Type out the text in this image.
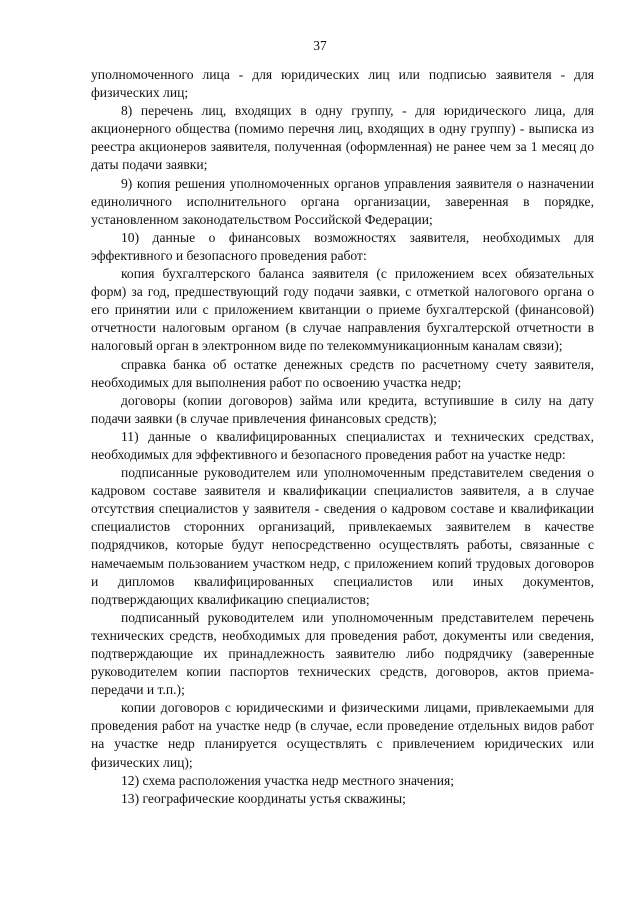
37

уполномоченного лица - для юридических лиц или подписью заявителя - для физических лиц;

8) перечень лиц, входящих в одну группу, - для юридического лица, для акционерного общества (помимо перечня лиц, входящих в одну группу) - выписка из реестра акционеров заявителя, полученная (оформленная) не ранее чем за 1 месяц до даты подачи заявки;

9) копия решения уполномоченных органов управления заявителя о назначении единоличного исполнительного органа организации, заверенная в порядке, установленном законодательством Российской Федерации;

10) данные о финансовых возможностях заявителя, необходимых для эффективного и безопасного проведения работ:

копия бухгалтерского баланса заявителя (с приложением всех обязательных форм) за год, предшествующий году подачи заявки, с отметкой налогового органа о его принятии или с приложением квитанции о приеме бухгалтерской (финансовой) отчетности налоговым органом (в случае направления бухгалтерской отчетности в налоговый орган в электронном виде по телекоммуникационным каналам связи);

справка банка об остатке денежных средств по расчетному счету заявителя, необходимых для выполнения работ по освоению участка недр;

договоры (копии договоров) займа или кредита, вступившие в силу на дату подачи заявки (в случае привлечения финансовых средств);

11) данные о квалифицированных специалистах и технических средствах, необходимых для эффективного и безопасного проведения работ на участке недр:

подписанные руководителем или уполномоченным представителем сведения о кадровом составе заявителя и квалификации специалистов заявителя, а в случае отсутствия специалистов у заявителя - сведения о кадровом составе и квалификации специалистов сторонних организаций, привлекаемых заявителем в качестве подрядчиков, которые будут непосредственно осуществлять работы, связанные с намечаемым пользованием участком недр, с приложением копий трудовых договоров и дипломов квалифицированных специалистов или иных документов, подтверждающих квалификацию специалистов;

подписанный руководителем или уполномоченным представителем перечень технических средств, необходимых для проведения работ, документы или сведения, подтверждающие их принадлежность заявителю либо подрядчику (заверенные руководителем копии паспортов технических средств, договоров, актов приема-передачи и т.п.);

копии договоров с юридическими и физическими лицами, привлекаемыми для проведения работ на участке недр (в случае, если проведение отдельных видов работ на участке недр планируется осуществлять с привлечением юридических или физических лиц);

12) схема расположения участка недр местного значения;

13) географические координаты устья скважины;
